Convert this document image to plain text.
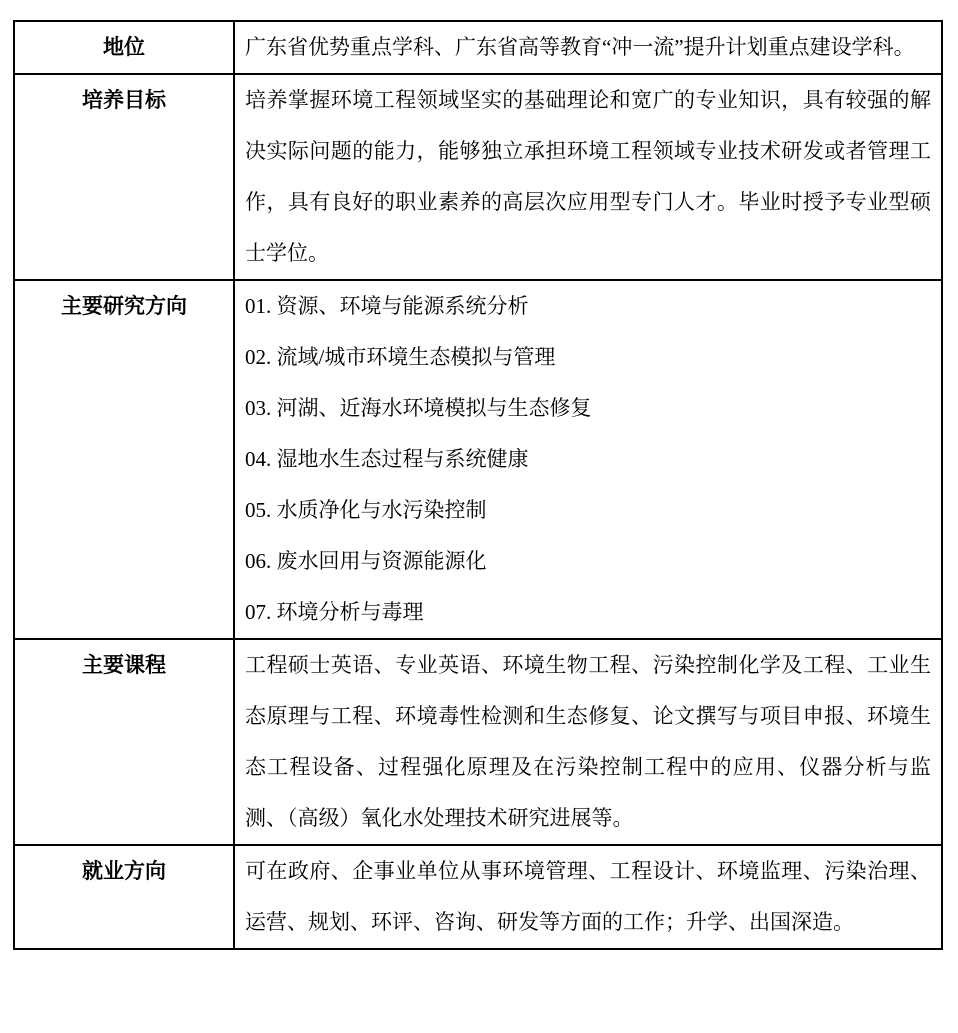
地位	广东省优势重点学科、广东省高等教育“冲一流”提升计划重点建设学科。

培养目标	培养掌握环境工程领域坚实的基础理论和宽广的专业知识，具有较强的解决实际问题的能力，能够独立承担环境工程领域专业技术研发或者管理工作，具有良好的职业素养的高层次应用型专门人才。毕业时授予专业型硕士学位。

主要研究方向	01. 资源、环境与能源系统分析

02. 流域/城市环境生态模拟与管理

03. 河湖、近海水环境模拟与生态修复

04. 湿地水生态过程与系统健康

05. 水质净化与水污染控制

06. 废水回用与资源能源化

07. 环境分析与毒理

主要课程	工程硕士英语、专业英语、环境生物工程、污染控制化学及工程、工业生态原理与工程、环境毒性检测和生态修复、论文撰写与项目申报、环境生态工程设备、过程强化原理及在污染控制工程中的应用、仪器分析与监测、（高级）氧化水处理技术研究进展等。

就业方向	可在政府、企事业单位从事环境管理、工程设计、环境监理、污染治理、运营、规划、环评、咨询、研发等方面的工作；升学、出国深造。
